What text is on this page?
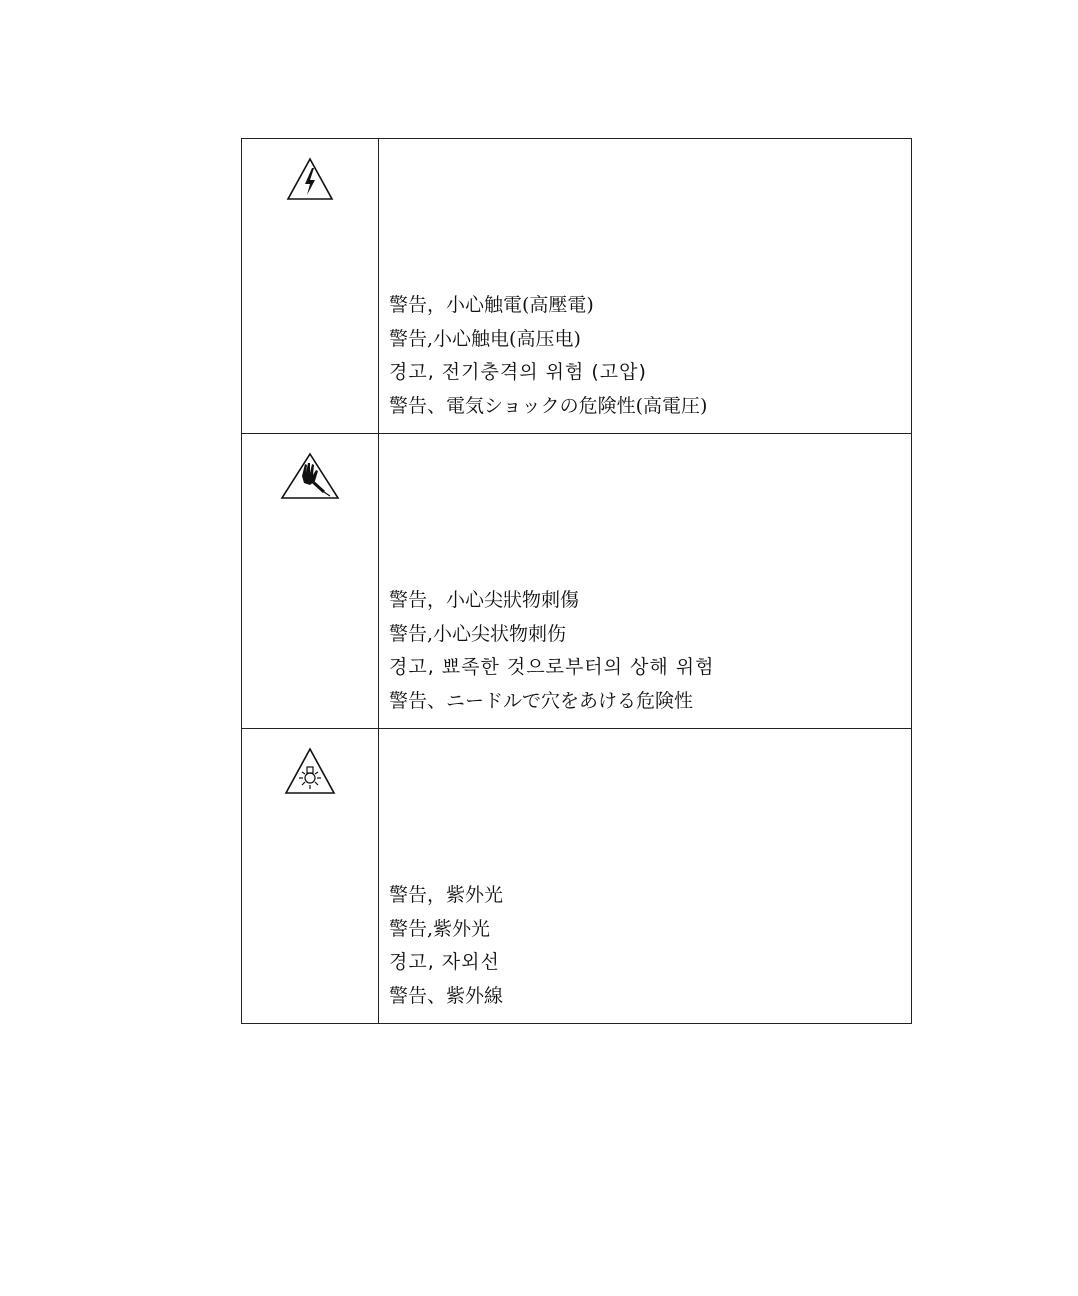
警告，小心触電(高壓電)
警告,小心触电(高压电)
경고, 전기충격의 위험 (고압)
警告、電気ショックの危険性(高電圧)

警告，小心尖狀物刺傷
警告,小心尖状物刺伤
경고, 뾰족한 것으로부터의 상해 위험
警告、ニードルで穴をあける危険性

警告，紫外光
警告,紫外光
경고, 자외선
警告、紫外線
